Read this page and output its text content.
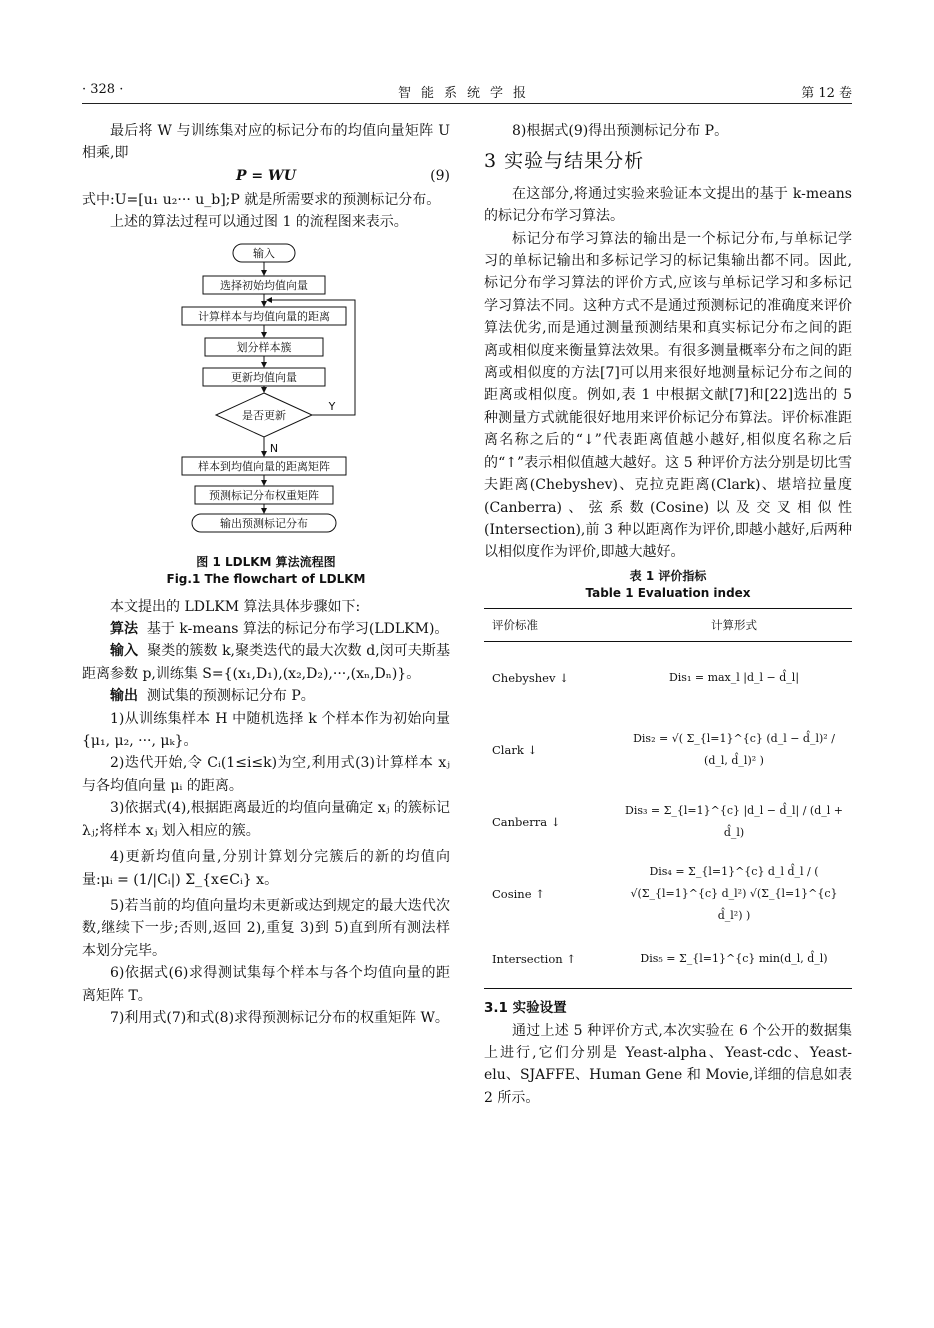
· 328 ·	智能系统学报	第 12 卷

最后将 W 与训练集对应的标记分布的均值向量矩阵 U 相乘,即

P = WU	(9)

式中:U=[u₁ u₂··· u_b];P 就是所需要求的预测标记分布。

上述的算法过程可以通过图 1 的流程图来表示。

输入
选择初始均值向量
计算样本与均值向量的距离
划分样本簇
更新均值向量
是否更新
Y
N
样本到均值向量的距离矩阵
预测标记分布权重矩阵
输出预测标记分布
图 1 LDLKM 算法流程图
Fig.1 The flowchart of LDLKM

本文提出的 LDLKM 算法具体步骤如下:

算法 基于 k-means 算法的标记分布学习(LDLKM)。

输入 聚类的簇数 k,聚类迭代的最大次数 d,闵可夫斯基距离参数 p,训练集 S={(x₁,D₁),(x₂,D₂),···,(xₙ,Dₙ)}。

输出 测试集的预测标记分布 P。

1)从训练集样本 H 中随机选择 k 个样本作为初始向量{μ₁, μ₂, ···, μₖ}。

2)迭代开始,令 Cᵢ(1≤i≤k)为空,利用式(3)计算样本 xⱼ 与各均值向量 μᵢ 的距离。

3)依据式(4),根据距离最近的均值向量确定 xⱼ 的簇标记 λⱼ;将样本 xⱼ 划入相应的簇。

4)更新均值向量,分别计算划分完簇后的新的均值向量:μᵢ = (1/|Cᵢ|) Σ_{x∈Cᵢ} x。

5)若当前的均值向量均未更新或达到规定的最大迭代次数,继续下一步;否则,返回 2),重复 3)到 5)直到所有测法样本划分完毕。

6)依据式(6)求得测试集每个样本与各个均值向量的距离矩阵 T。

7)利用式(7)和式(8)求得预测标记分布的权重矩阵 W。

8)根据式(9)得出预测标记分布 P。

3 实验与结果分析

在这部分,将通过实验来验证本文提出的基于 k-means 的标记分布学习算法。

标记分布学习算法的输出是一个标记分布,与单标记学习的单标记输出和多标记学习的标记集输出都不同。因此,标记分布学习算法的评价方式,应该与单标记学习和多标记学习算法不同。这种方式不是通过预测标记的准确度来评价算法优劣,而是通过测量预测结果和真实标记分布之间的距离或相似度来衡量算法效果。有很多测量概率分布之间的距离或相似度的方法[7]可以用来很好地测量标记分布之间的距离或相似度。例如,表 1 中根据文献[7]和[22]选出的 5 种测量方式就能很好地用来评价标记分布算法。评价标准距离名称之后的“↓”代表距离值越小越好,相似度名称之后的“↑”表示相似值越大越好。这 5 种评价方法分别是切比雪夫距离(Chebyshev)、克拉克距离(Clark)、堪培拉量度(Canberra)、弦系数(Cosine)以及交叉相似性(Intersection),前 3 种以距离作为评价,即越小越好,后两种以相似度作为评价,即越大越好。

表 1 评价指标
Table 1 Evaluation index
评价标准	计算形式
Chebyshev ↓	Dis₁ = max_l |d_l − d̂_l|
Clark ↓	Dis₂ = √( Σ_{l=1}^{c} (d_l − d̂_l)² / (d_l, d̂_l)² )
Canberra ↓	Dis₃ = Σ_{l=1}^{c} |d_l − d̂_l| / (d_l + d̂_l)
Cosine ↑	Dis₄ = Σ_{l=1}^{c} d_l d̂_l / ( √(Σ_{l=1}^{c} d_l²) √(Σ_{l=1}^{c} d̂_l²) )
Intersection ↑	Dis₅ = Σ_{l=1}^{c} min(d_l, d̂_l)
3.1 实验设置

通过上述 5 种评价方式,本次实验在 6 个公开的数据集上进行,它们分别是 Yeast-alpha、Yeast-cdc、Yeast-elu、SJAFFE、Human Gene 和 Movie,详细的信息如表 2 所示。
